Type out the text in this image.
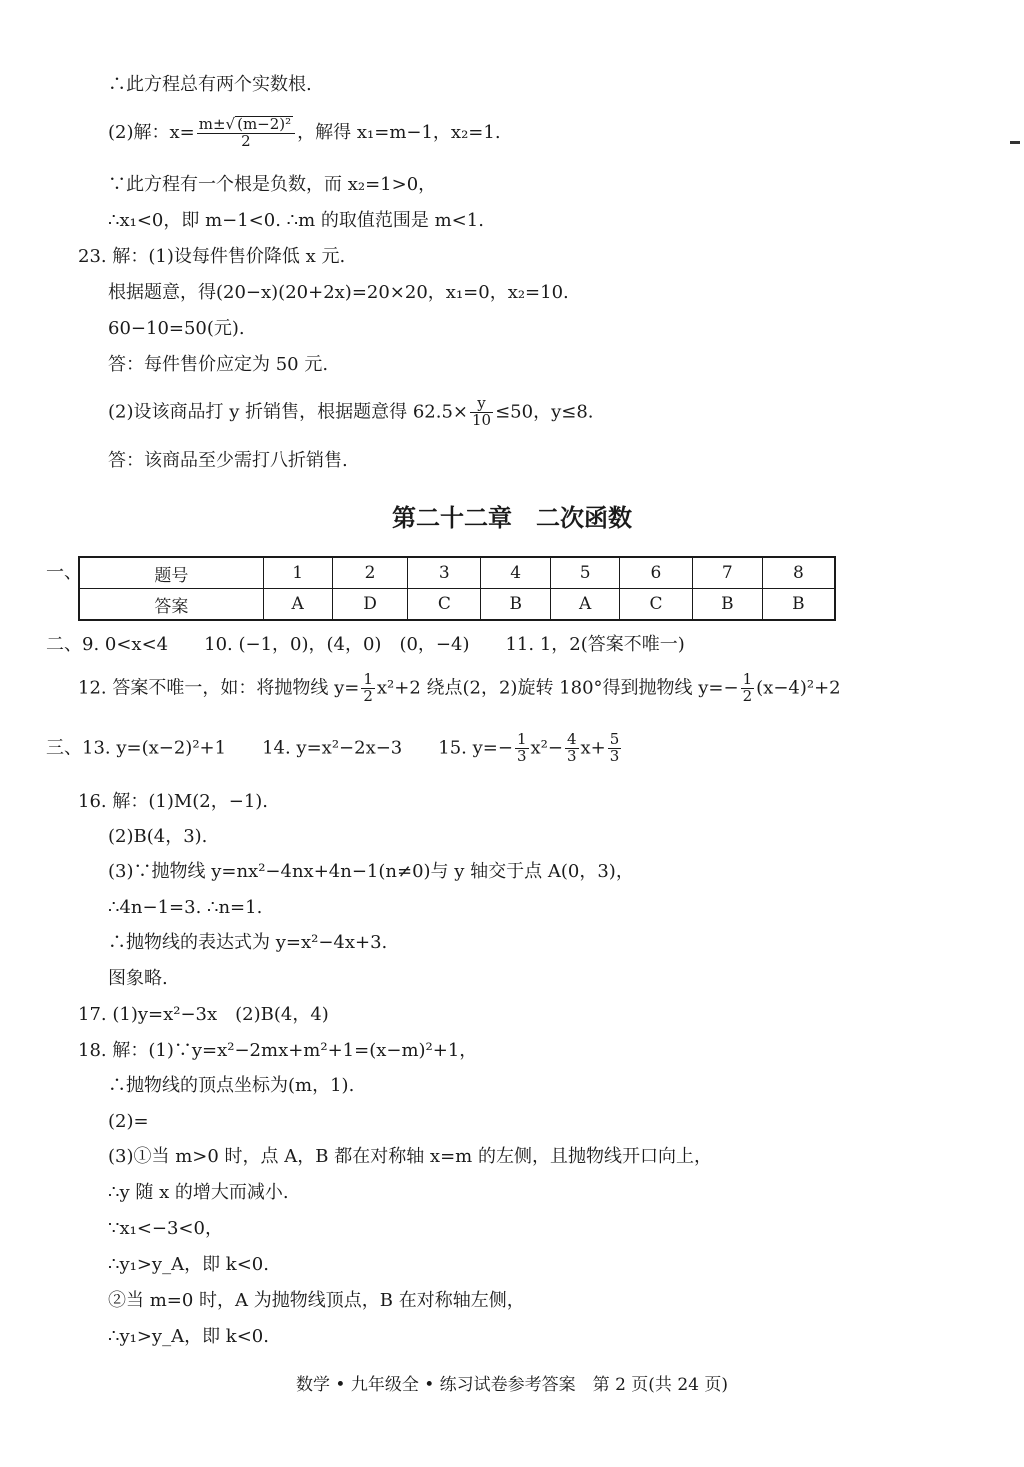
∴此方程总有两个实数根.
(2)解：$x= \frac{\text{m±√ (m−2)²}}{2}$ ，解得 x₁=m−1，x₂=1.
∵此方程有一个根是负数，而 x₂=1>0，
∴x₁<0，即 m−1<0. ∴m 的取值范围是 m<1.
23. 解：(1)设每件售价降低 x 元.
根据题意，得(20−x)(20+2x)=20×20，x₁=0，x₂=10.
60−10=50(元).
答：每件售价应定为 50 元.
(2)设该商品打 y 折销售，根据题意得 $62.5\times \frac{y}{10} \le 50$，y≤8.
答：该商品至少需打八折销售.
第二十二章　二次函数
一、	题号	1	2	3	4	5	6	7	8
答案	A	D	C	B	A	C	B	B
二、9. 0<x<4　　10. (−1，0)，(4，0)　(0，−4)　　11. 1，2(答案不唯一)
12. 答案不唯一，如：将抛物线 $y= \frac{1}{2} x^2+2$ 绕点(2，2)旋转 180°得到抛物线 $y=- \frac{1}{2} (x-4)^2+2$
三、13. y=(x−2)²+1　　14. y=x²−2x−3　　15. $y=- \frac{1}{3} x^2- \frac{4}{3} x+ \frac{5}{3}$
16. 解：(1)M(2，−1).
(2)B(4，3).
(3)∵抛物线 y=nx²−4nx+4n−1(n≠0)与 y 轴交于点 A(0，3)，
∴4n−1=3. ∴n=1.
∴抛物线的表达式为 y=x²−4x+3.
图象略.
17. (1)y=x²−3x　(2)B(4，4)
18. 解：(1)∵y=x²−2mx+m²+1=(x−m)²+1，
∴抛物线的顶点坐标为(m，1).
(2)=
(3)①当 m>0 时，点 A，B 都在对称轴 x=m 的左侧，且抛物线开口向上，
∴y 随 x 的增大而减小.
∵x₁<−3<0，
∴y₁>y_A，即 k<0.
②当 m=0 时，A 为抛物线顶点，B 在对称轴左侧，
∴y₁>y_A，即 k<0.
数学 • 九年级全 • 练习试卷参考答案　第 2 页(共 24 页)
